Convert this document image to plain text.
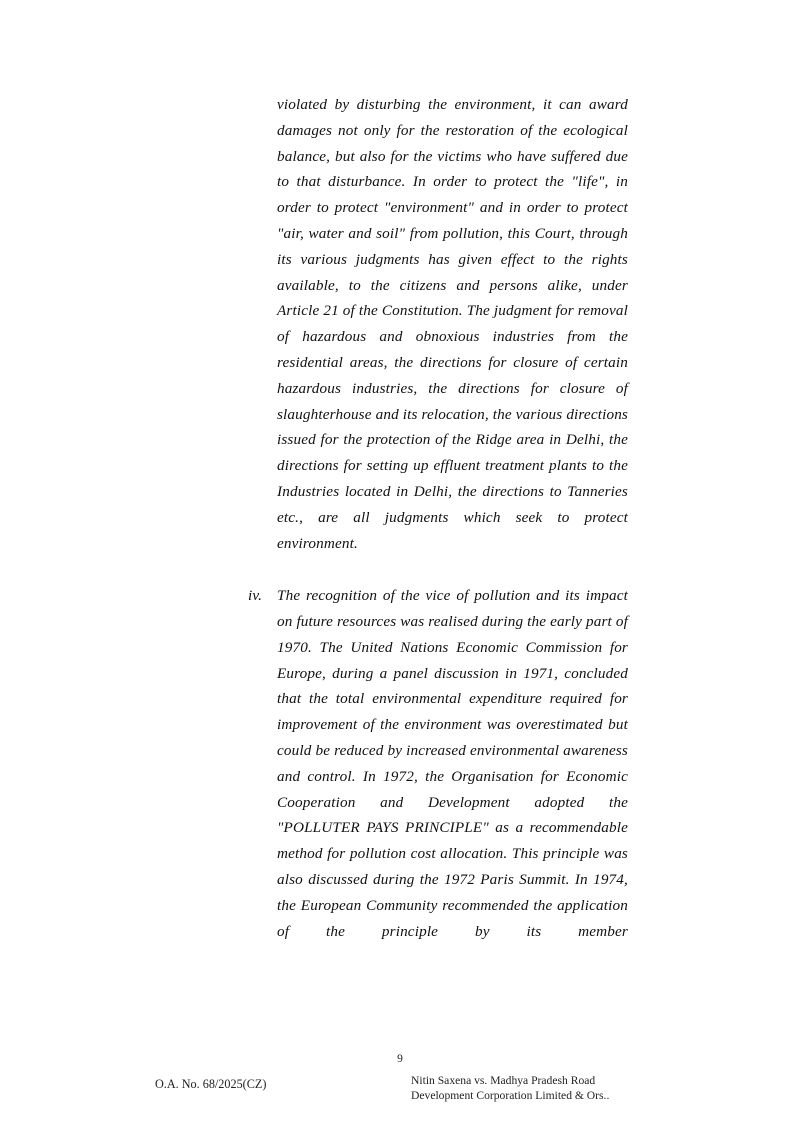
violated by disturbing the environment, it can award damages not only for the restoration of the ecological balance, but also for the victims who have suffered due to that disturbance. In order to protect the "life", in order to protect "environment" and in order to protect "air, water and soil" from pollution, this Court, through its various judgments has given effect to the rights available, to the citizens and persons alike, under Article 21 of the Constitution. The judgment for removal of hazardous and obnoxious industries from the residential areas, the directions for closure of certain hazardous industries, the directions for closure of slaughterhouse and its relocation, the various directions issued for the protection of the Ridge area in Delhi, the directions for setting up effluent treatment plants to the Industries located in Delhi, the directions to Tanneries etc., are all judgments which seek to protect environment.
iv. The recognition of the vice of pollution and its impact on future resources was realised during the early part of 1970. The United Nations Economic Commission for Europe, during a panel discussion in 1971, concluded that the total environmental expenditure required for improvement of the environment was overestimated but could be reduced by increased environmental awareness and control. In 1972, the Organisation for Economic Cooperation and Development adopted the "POLLUTER PAYS PRINCIPLE" as a recommendable method for pollution cost allocation. This principle was also discussed during the 1972 Paris Summit. In 1974, the European Community recommended the application of the principle by its member
9
O.A. No. 68/2025(CZ)	Nitin Saxena vs. Madhya Pradesh Road Development Corporation Limited & Ors..
